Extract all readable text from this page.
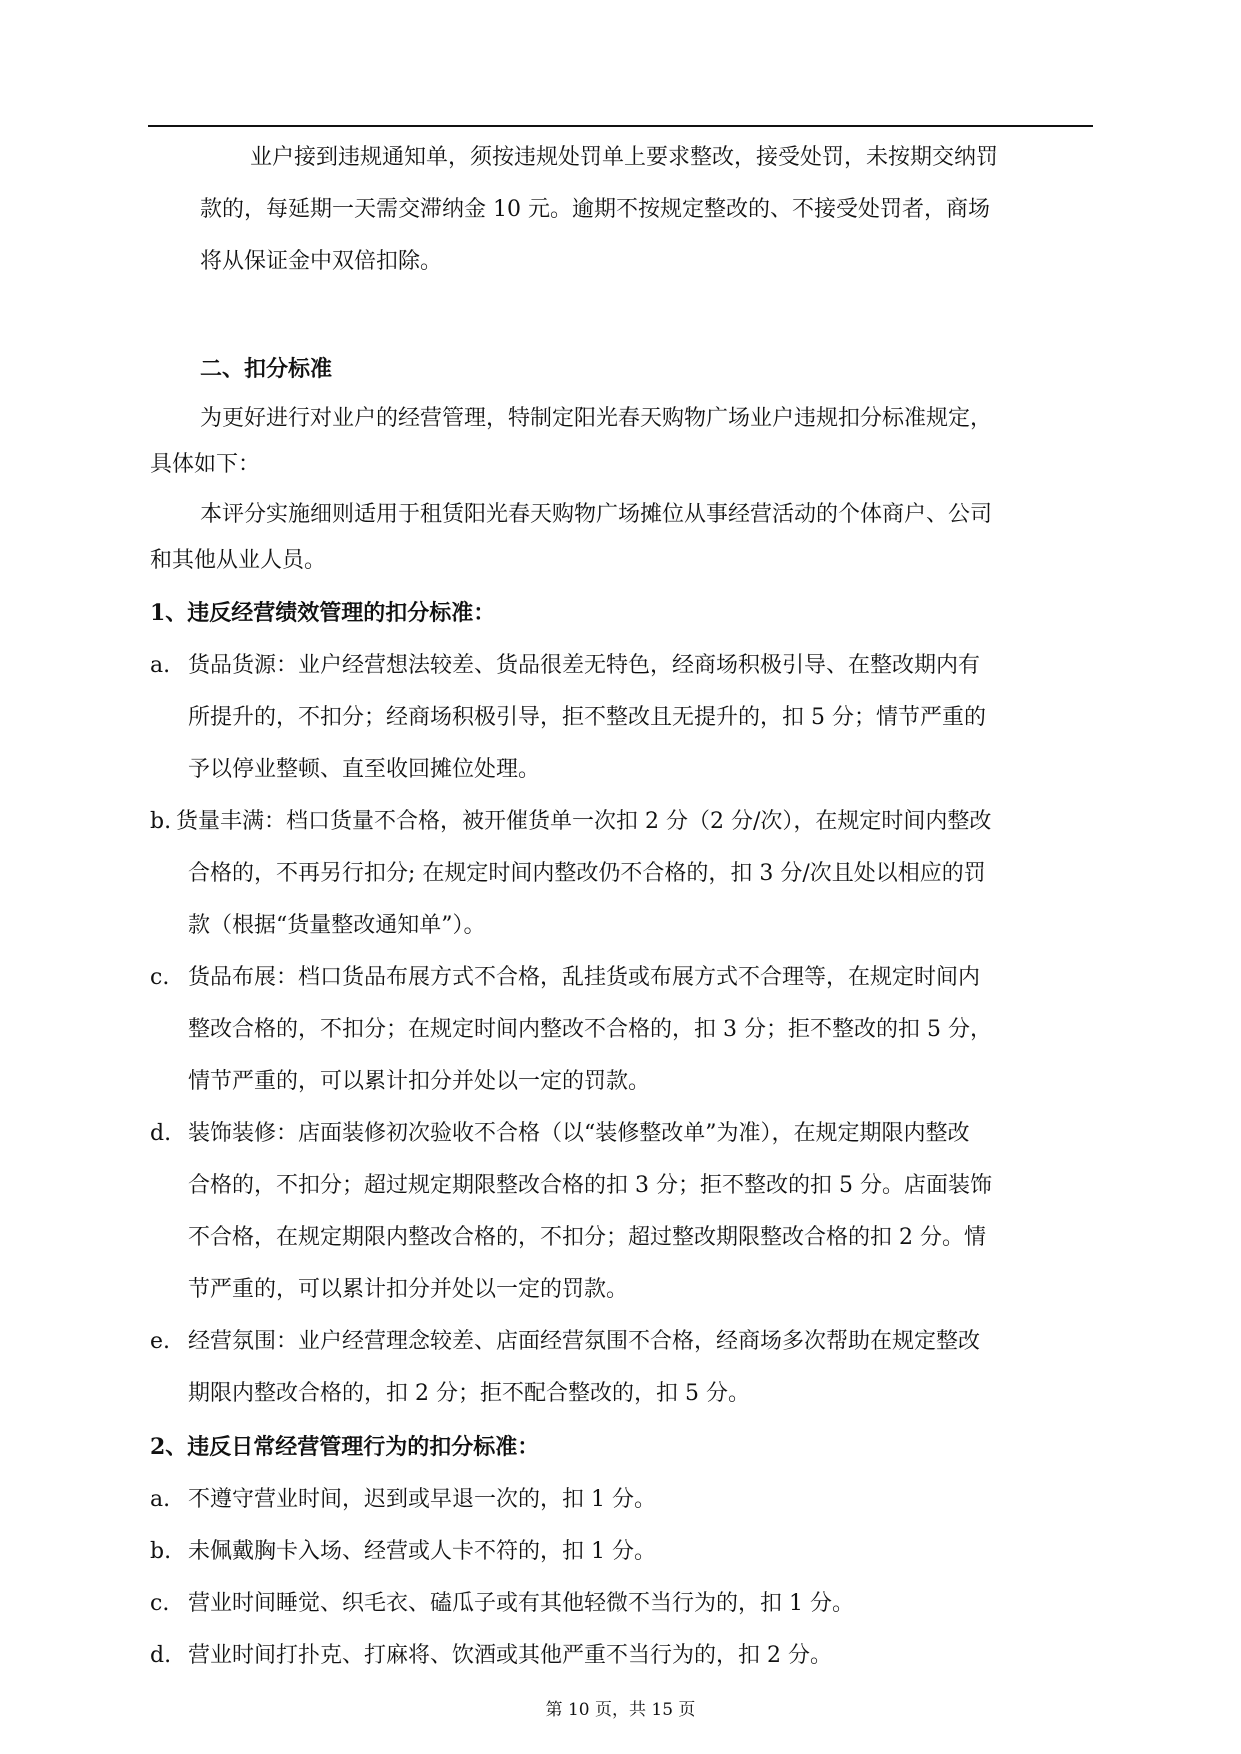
业户接到违规通知单，须按违规处罚单上要求整改，接受处罚，未按期交纳罚
款的，每延期一天需交滞纳金 10 元。逾期不按规定整改的、不接受处罚者，商场
将从保证金中双倍扣除。
二、扣分标准
为更好进行对业户的经营管理，特制定阳光春天购物广场业户违规扣分标准规定，
具体如下：
本评分实施细则适用于租赁阳光春天购物广场摊位从事经营活动的个体商户、公司
和其他从业人员。
1、违反经营绩效管理的扣分标准：
a. 货品货源：业户经营想法较差、货品很差无特色，经商场积极引导、在整改期内有
所提升的，不扣分；经商场积极引导，拒不整改且无提升的，扣 5 分；情节严重的
予以停业整顿、直至收回摊位处理。
b. 货量丰满：档口货量不合格，被开催货单一次扣 2 分（2 分/次），在规定时间内整改
合格的，不再另行扣分; 在规定时间内整改仍不合格的，扣 3 分/次且处以相应的罚
款（根据“货量整改通知单”）。
c. 货品布展：档口货品布展方式不合格，乱挂货或布展方式不合理等，在规定时间内
整改合格的，不扣分；在规定时间内整改不合格的，扣 3 分；拒不整改的扣 5 分，
情节严重的，可以累计扣分并处以一定的罚款。
d. 装饰装修：店面装修初次验收不合格（以“装修整改单”为准），在规定期限内整改
合格的，不扣分；超过规定期限整改合格的扣 3 分；拒不整改的扣 5 分。店面装饰
不合格，在规定期限内整改合格的，不扣分；超过整改期限整改合格的扣 2 分。情
节严重的，可以累计扣分并处以一定的罚款。
e. 经营氛围：业户经营理念较差、店面经营氛围不合格，经商场多次帮助在规定整改
期限内整改合格的，扣 2 分；拒不配合整改的，扣 5 分。
2、违反日常经营管理行为的扣分标准：
a. 不遵守营业时间，迟到或早退一次的，扣 1 分。
b. 未佩戴胸卡入场、经营或人卡不符的，扣 1 分。
c. 营业时间睡觉、织毛衣、磕瓜子或有其他轻微不当行为的，扣 1 分。
d. 营业时间打扑克、打麻将、饮酒或其他严重不当行为的，扣 2 分。
第 10 页，共 15 页
